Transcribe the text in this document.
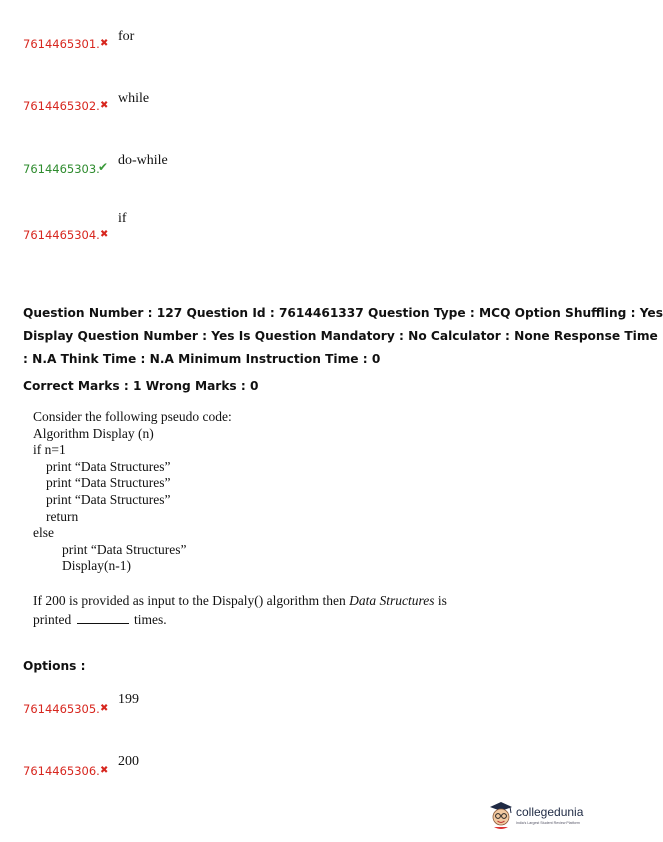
7614465301. ✖ for
7614465302. ✖ while
7614465303.
✔ do-while
7614465304. ✖
if

Question Number : 127 Question Id : 7614461337 Question Type : MCQ Option Shuffling : Yes

Display Question Number : Yes Is Question Mandatory : No Calculator : None Response Time

: N.A Think Time : N.A Minimum Instruction Time : 0

Correct Marks : 1 Wrong Marks : 0
Consider the following pseudo code:
Algorithm Display (n)
if n=1
print “Data Structures”
print “Data Structures”
print “Data Structures”
return
else
print “Data Structures”
Display(n-1)
If 200 is provided as input to the Dispaly() algorithm then Data Structures is
printed	times.
Options :
7614465305. ✖
199
7614465306. ✖
200
collegedunia
India's Largest Student Review Platform
